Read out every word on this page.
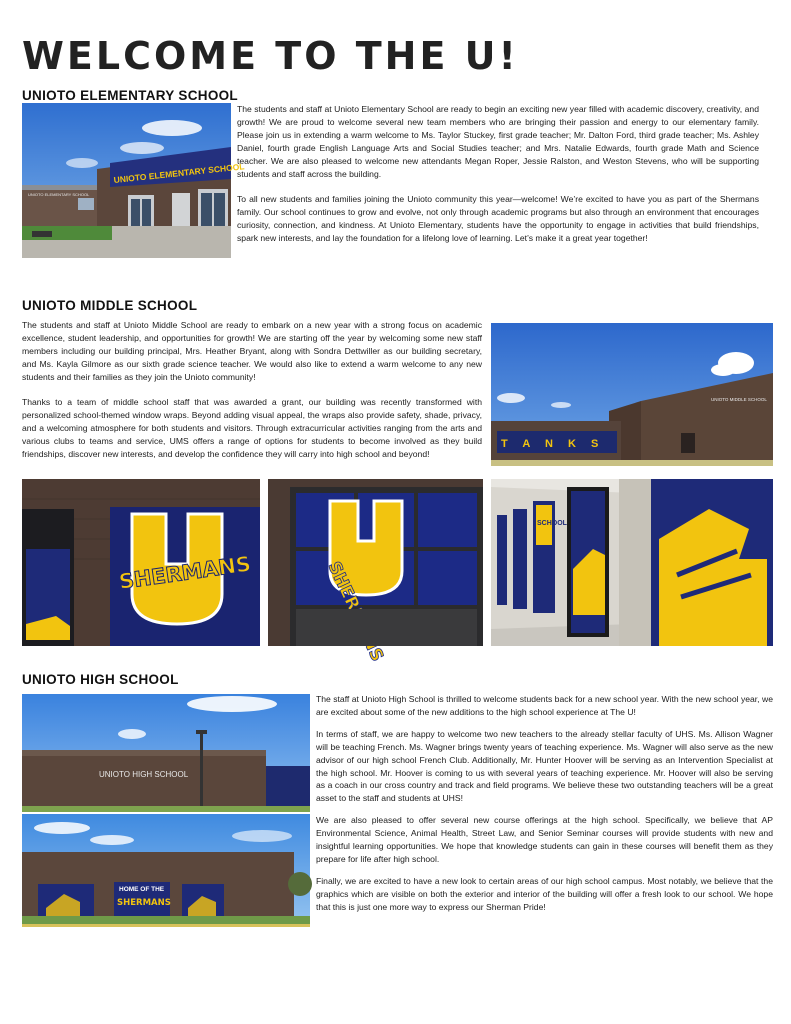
WELCOME TO THE U!
UNIOTO ELEMENTARY SCHOOL
UNIOTO ELEMENTARY SCHOOL
UNIOTO ELEMENTARY SCHOOL

The students and staff at Unioto Elementary School are ready to begin an exciting new year filled with academic discovery, creativity, and growth! We are proud to welcome several new team members who are bringing their passion and energy to our elementary family. Please join us in extending a warm welcome to Ms. Taylor Stuckey, first grade teacher; Mr. Dalton Ford, third grade teacher; Ms. Ashley Daniel, fourth grade English Language Arts and Social Studies teacher; and Mrs. Natalie Edwards, fourth grade Math and Science teacher. We are also pleased to welcome new attendants Megan Roper, Jessie Ralston, and Weston Stevens, who will be supporting students and staff across the building.

To all new students and families joining the Unioto community this year—welcome! We’re excited to have you as part of the Shermans family. Our school continues to grow and evolve, not only through academic programs but also through an environment that encourages curiosity, connection, and kindness. At Unioto Elementary, students have the opportunity to engage in activities that build friendships, spark new interests, and lay the foundation for a lifelong love of learning. Let’s make it a great year together!

UNIOTO MIDDLE SCHOOL

The students and staff at Unioto Middle School are ready to embark on a new year with a strong focus on academic excellence, student leadership, and opportunities for growth! We are starting off the year by welcoming some new staff members including our building principal, Mrs. Heather Bryant, along with Sondra Dettwiller as our building secretary, and Ms. Kayla Gilmore as our sixth grade science teacher. We would also like to extend a warm welcome to any new students and their families as they join the Unioto community!

Thanks to a team of middle school staff that was awarded a grant, our building was recently transformed with personalized school-themed window wraps. Beyond adding visual appeal, the wraps also provide safety, shade, privacy, and a welcoming atmosphere for both students and visitors. Through extracurricular activities ranging from the arts and various clubs to teams and service, UMS offers a range of options for students to become involved as they build friendships, discover new interests, and develop the confidence they will carry into high school and beyond!

UNIOTO MIDDLE SCHOOL
T A N K S
SHERMANS
SCHOOL
UNIOTO HIGH SCHOOL
UNIOTO HIGH SCHOOL
HOME OF THE
SHERMANS

The staff at Unioto High School is thrilled to welcome students back for a new school year. With the new school year, we are excited about some of the new additions to the high school experience at The U!

In terms of staff, we are happy to welcome two new teachers to the already stellar faculty of UHS. Ms. Allison Wagner will be teaching French. Ms. Wagner brings twenty years of teaching experience. Ms. Wagner will also serve as the new advisor of our high school French Club. Additionally, Mr. Hunter Hoover will be serving as an Intervention Specialist at the high school. Mr. Hoover is coming to us with several years of teaching experience. Mr. Hoover will also be serving as a coach in our cross country and track and field programs. We believe these two outstanding teachers will be a great asset to the staff and students at UHS!

We are also pleased to offer several new course offerings at the high school. Specifically, we believe that AP Environmental Science, Animal Health, Street Law, and Senior Seminar courses will provide students with new and insightful learning opportunities. We hope that knowledge students can gain in these courses will benefit them as they prepare for life after high school.

Finally, we are excited to have a new look to certain areas of our high school campus. Most notably, we believe that the graphics which are visible on both the exterior and interior of the building will offer a fresh look to our school. We hope that this is just one more way to express our Sherman Pride!
